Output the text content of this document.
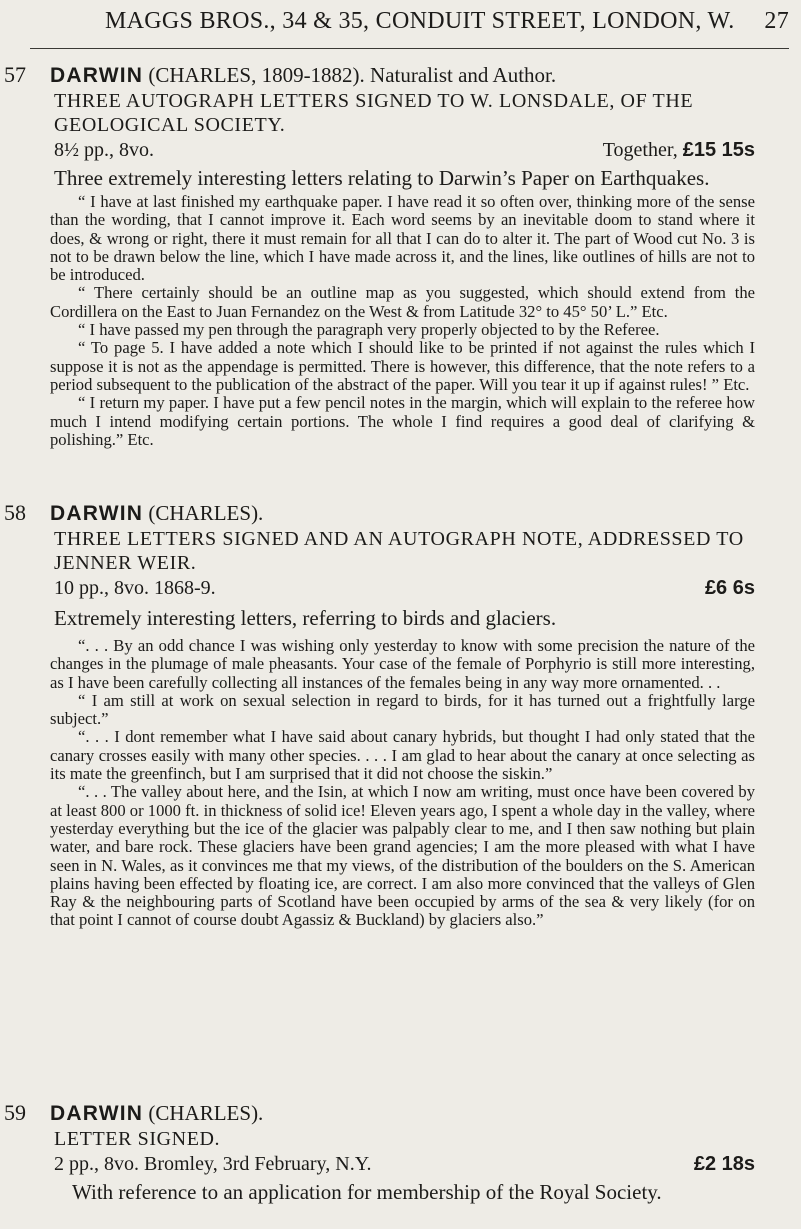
MAGGS BROS., 34 & 35, CONDUIT STREET, LONDON, W. 27
57 DARWIN (CHARLES, 1809-1882). Naturalist and Author.
THREE AUTOGRAPH LETTERS SIGNED TO W. LONSDALE, OF THE GEOLOGICAL SOCIETY.
8½ pp., 8vo.	Together, £15 15s
Three extremely interesting letters relating to Darwin’s Paper on Earthquakes.

“ I have at last finished my earthquake paper. I have read it so often over, thinking more of the sense than the wording, that I cannot improve it. Each word seems by an inevitable doom to stand where it does, & wrong or right, there it must remain for all that I can do to alter it. The part of Wood cut No. 3 is not to be drawn below the line, which I have made across it, and the lines, like outlines of hills are not to be introduced.

“ There certainly should be an outline map as you suggested, which should extend from the Cordillera on the East to Juan Fernandez on the West & from Latitude 32° to 45° 50’ L.” Etc.

“ I have passed my pen through the paragraph very properly objected to by the Referee.

“ To page 5. I have added a note which I should like to be printed if not against the rules which I suppose it is not as the appendage is permitted. There is however, this difference, that the note refers to a period subsequent to the publication of the abstract of the paper. Will you tear it up if against rules! ” Etc.

“ I return my paper. I have put a few pencil notes in the margin, which will explain to the referee how much I intend modifying certain portions. The whole I find requires a good deal of clarifying & polishing.” Etc.

58 DARWIN (CHARLES).
THREE LETTERS SIGNED AND AN AUTOGRAPH NOTE, ADDRESSED TO JENNER WEIR.
10 pp., 8vo. 1868-9.	£6 6s
Extremely interesting letters, referring to birds and glaciers.

“. . . By an odd chance I was wishing only yesterday to know with some precision the nature of the changes in the plumage of male pheasants. Your case of the female of Porphyrio is still more interesting, as I have been carefully collecting all instances of the females being in any way more ornamented. . .

“ I am still at work on sexual selection in regard to birds, for it has turned out a frightfully large subject.”

“. . . I dont remember what I have said about canary hybrids, but thought I had only stated that the canary crosses easily with many other species. . . . I am glad to hear about the canary at once selecting as its mate the greenfinch, but I am surprised that it did not choose the siskin.”

“. . . The valley about here, and the Isin, at which I now am writing, must once have been covered by at least 800 or 1000 ft. in thickness of solid ice! Eleven years ago, I spent a whole day in the valley, where yesterday everything but the ice of the glacier was palpably clear to me, and I then saw nothing but plain water, and bare rock. These glaciers have been grand agencies; I am the more pleased with what I have seen in N. Wales, as it convinces me that my views, of the distribution of the boulders on the S. American plains having been effected by floating ice, are correct. I am also more convinced that the valleys of Glen Ray & the neighbouring parts of Scotland have been occupied by arms of the sea & very likely (for on that point I cannot of course doubt Agassiz & Buckland) by glaciers also.”

59 DARWIN (CHARLES).
LETTER SIGNED.
2 pp., 8vo. Bromley, 3rd February, N.Y.	£2 18s
With reference to an application for membership of the Royal Society.
